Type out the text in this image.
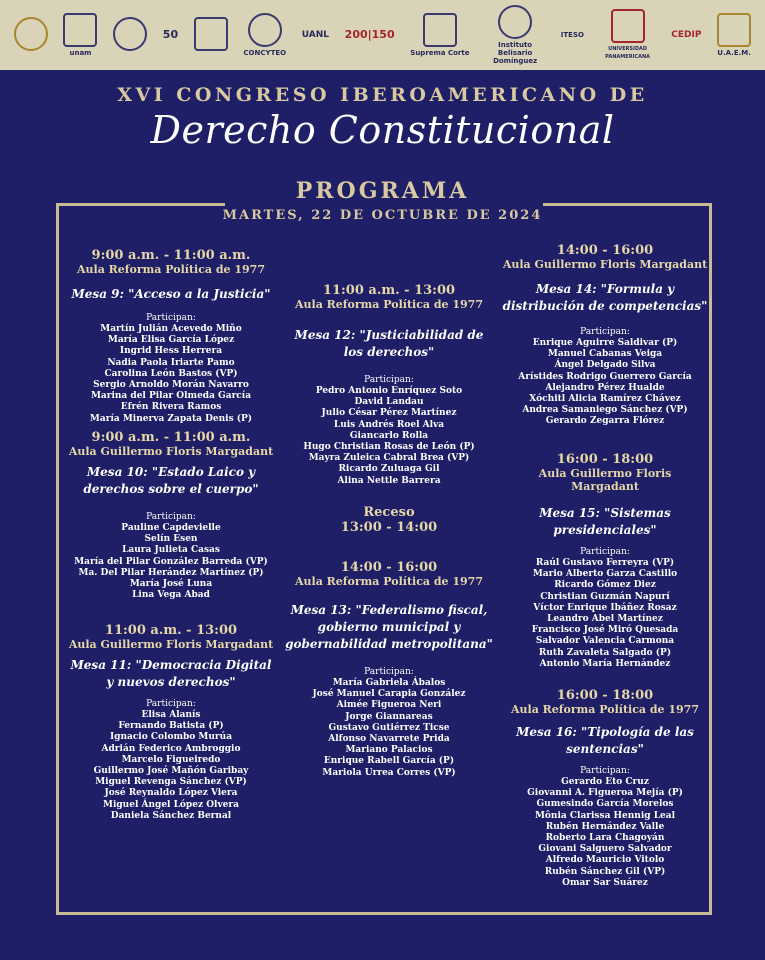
unam
50
CONCYTEO
UANL 200|150
Suprema Corte
Instituto Belisario Domínguez
ITESO
UNIVERSIDAD PANAMERICANA
CEDIP
U.A.E.M.
XVI CONGRESO IBEROAMERICANO DE
Derecho Constitucional
PROGRAMA
MARTES, 22 DE OCTUBRE DE 2024
9:00 a.m. - 11:00 a.m.
Aula Reforma Política de 1977
Mesa 9: "Acceso a la Justicia"
Participan:
Martín Julián Acevedo Miño
María Elisa García López
Ingrid Hess Herrera
Nadia Paola Iriarte Pamo
Carolina León Bastos (VP)
Sergio Arnoldo Morán Navarro
Marina del Pilar Olmeda García
Efrén Rivera Ramos
María Minerva Zapata Denis (P)
9:00 a.m. - 11:00 a.m.
Aula Guillermo Floris Margadant
Mesa 10: "Estado Laico y derechos sobre el cuerpo"
Participan:
Pauline Capdevielle
Selín Esen
Laura Julieta Casas
María del Pilar González Barreda (VP)
Ma. Del Pilar Herández Martínez (P)
María José Luna
Lina Vega Abad
11:00 a.m. - 13:00
Aula Guillermo Floris Margadant
Mesa 11: "Democracia Digital y nuevos derechos"
Participan:
Elisa Alanís
Fernando Batista (P)
Ignacio Colombo Murúa
Adrián Federico Ambroggio
Marcelo Figueiredo
Guillermo José Mañón Garibay
Miguel Revenga Sánchez (VP)
José Reynaldo López Viera
Miguel Ángel López Olvera
Daniela Sánchez Bernal
11:00 a.m. - 13:00
Aula Reforma Política de 1977
Mesa 12: "Justiciabilidad de los derechos"
Participan:
Pedro Antonio Enríquez Soto
David Landau
Julio César Pérez Martínez
Luis Andrés Roel Alva
Giancarlo Rolla
Hugo Christian Rosas de León (P)
Mayra Zuleica Cabral Brea (VP)
Ricardo Zuluaga Gil
Alina Nettle Barrera
Receso
13:00 - 14:00
14:00 - 16:00
Aula Reforma Política de 1977
Mesa 13: "Federalismo fiscal, gobierno municipal y gobernabilidad metropolitana"
Participan:
María Gabriela Ábalos
José Manuel Carapia González
Aimée Figueroa Neri
Jorge Giannareas
Gustavo Gutiérrez Ticse
Alfonso Navarrete Prida
Mariano Palacios
Enrique Rabell García (P)
Mariola Urrea Corres (VP)
14:00 - 16:00
Aula Guillermo Floris Margadant
Mesa 14: "Formula y distribución de competencias"
Participan:
Enrique Aguirre Saldivar (P)
Manuel Cabanas Veiga
Ángel Delgado Silva
Arístides Rodrigo Guerrero García
Alejandro Pérez Hualde
Xóchitl Alicia Ramírez Chávez
Andrea Samaniego Sánchez (VP)
Gerardo Zegarra Flórez
16:00 - 18:00
Aula Guillermo Floris Margadant
Mesa 15: "Sistemas presidenciales"
Participan:
Raúl Gustavo Ferreyra (VP)
Mario Alberto Garza Castillo
Ricardo Gómez Diez
Christian Guzmán Napurí
Víctor Enrique Ibáñez Rosaz
Leandro Abel Martínez
Francisco José Miró Quesada
Salvador Valencia Carmona
Ruth Zavaleta Salgado (P)
Antonio María Hernández
16:00 - 18:00
Aula Reforma Política de 1977
Mesa 16: "Tipología de las sentencias"
Participan:
Gerardo Eto Cruz
Giovanni A. Figueroa Mejía (P)
Gumesindo García Morelos
Mônia Clarissa Hennig Leal
Rubén Hernández Valle
Roberto Lara Chagoyán
Giovani Salguero Salvador
Alfredo Mauricio Vitolo
Rubén Sánchez Gil (VP)
Omar Sar Suárez
